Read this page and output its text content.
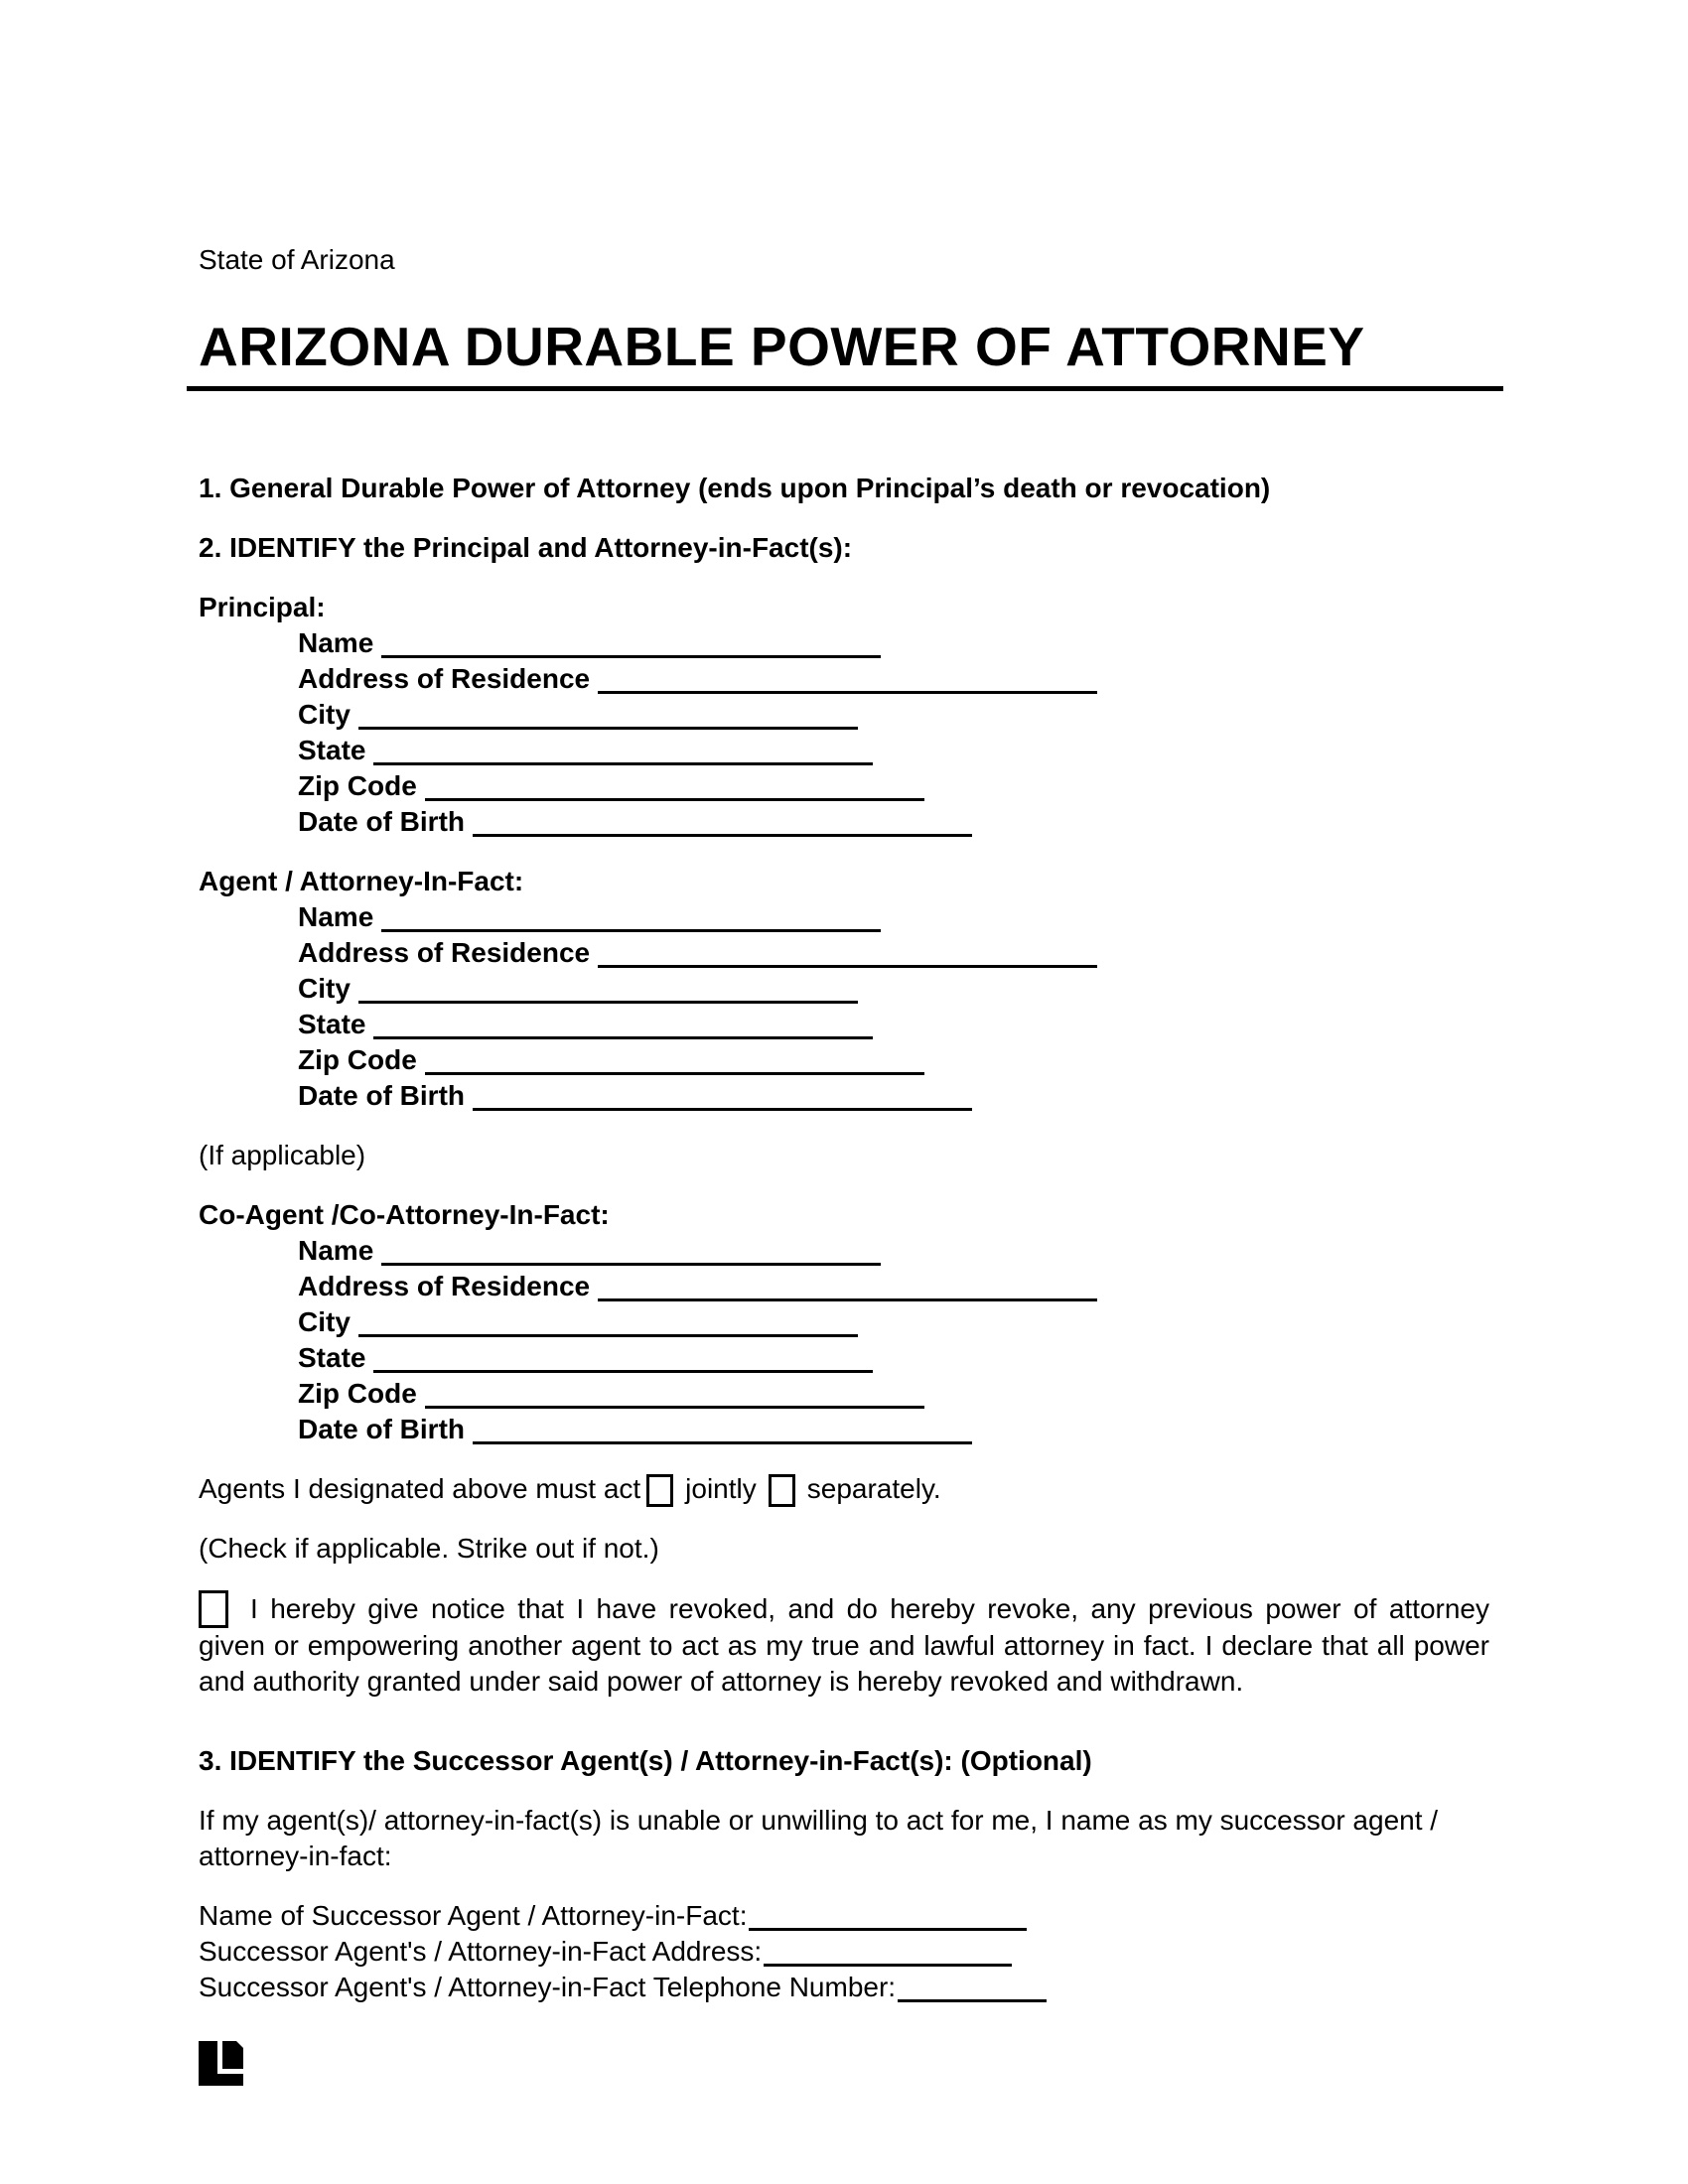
State of Arizona

ARIZONA DURABLE POWER OF ATTORNEY

1. General Durable Power of Attorney (ends upon Principal’s death or revocation)

2. IDENTIFY the Principal and Attorney-in-Fact(s):

Principal:

Name
Address of Residence
City
State
Zip Code
Date of Birth

Agent / Attorney-In-Fact:

Name
Address of Residence
City
State
Zip Code
Date of Birth

(If applicable)

Co-Agent /Co-Attorney-In-Fact:

Name
Address of Residence
City
State
Zip Code
Date of Birth

Agents I designated above must act jointly separately.

(Check if applicable. Strike out if not.)

I hereby give notice that I have revoked, and do hereby revoke, any previous power of attorney given or empowering another agent to act as my true and lawful attorney in fact. I declare that all power and authority granted under said power of attorney is hereby revoked and withdrawn.

3. IDENTIFY the Successor Agent(s) / Attorney-in-Fact(s): (Optional)

If my agent(s)/ attorney-in-fact(s) is unable or unwilling to act for me, I name as my successor agent / attorney-in-fact:

Name of Successor Agent / Attorney-in-Fact:
Successor Agent's / Attorney-in-Fact Address:
Successor Agent's / Attorney-in-Fact Telephone Number:
